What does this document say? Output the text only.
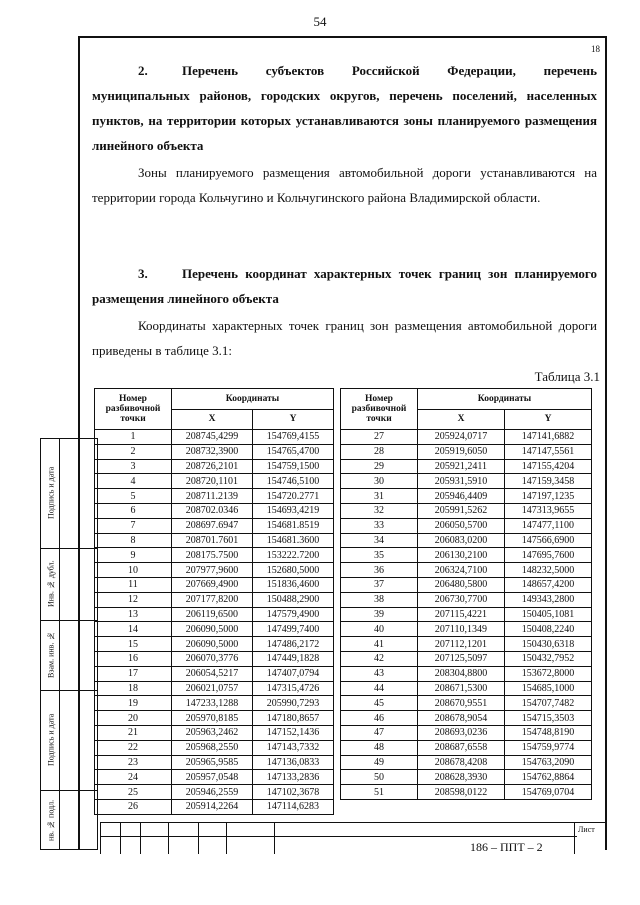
54
18
2.	Перечень субъектов Российской Федерации, перечень муниципальных районов, городских округов, перечень поселений, населенных пунктов, на территории которых устанавливаются зоны планируемого размещения линейного объекта
Зоны планируемого размещения автомобильной дороги устанавливаются на территории города Кольчугино и Кольчугинского района Владимирской области.
3.	Перечень координат характерных точек границ зон планируемого размещения линейного объекта
Координаты характерных точек границ зон размещения автомобильной дороги приведены в таблице 3.1:
Таблица 3.1
Номер разбивочной точки	Координаты	
	X	Y
1	208745,4299	154769,4155
2	208732,3900	154765,4700
3	208726,2101	154759,1500
4	208720,1101	154746,5100
5	208711.2139	154720.2771
6	208702.0346	154693,4219
7	208697.6947	154681.8519
8	208701.7601	154681.3600
9	208175.7500	153222.7200
10	207977,9600	152680,5000
11	207669,4900	151836,4600
12	207177,8200	150488,2900
13	206119,6500	147579,4900
14	206090,5000	147499,7400
15	206090,5000	147486,2172
16	206070,3776	147449,1828
17	206054,5217	147407,0794
18	206021,0757	147315,4726
19	147233,1288	205990,7293
20	205970,8185	147180,8657
21	205963,2462	147152,1436
22	205968,2550	147143,7332
23	205965,9585	147136,0833
24	205957,0548	147133,2836
25	205946,2559	147102,3678
26	205914,2264	147114,6283
Номер разбивочной точки	Координаты	
	X	Y
27	205924,0717	147141,6882
28	205919,6050	147147,5561
29	205921,2411	147155,4204
30	205931,5910	147159,3458
31	205946,4409	147197,1235
32	205991,5262	147313,9655
33	206050,5700	147477,1100
34	206083,0200	147566,6900
35	206130,2100	147695,7600
36	206324,7100	148232,5000
37	206480,5800	148657,4200
38	206730,7700	149343,2800
39	207115,4221	150405,1081
40	207110,1349	150408,2240
41	207112,1201	150430,6318
42	207125,5097	150432,7952
43	208304,8800	153672,8000
44	208671,5300	154685,1000
45	208670,9551	154707,7482
46	208678,9054	154715,3503
47	208693,0236	154748,8190
48	208687,6558	154759,9774
49	208678,4208	154763,2090
50	208628,3930	154762,8864
51	208598,0122	154769,0704
Подпись и дата
Инв. № дубл.
Взам. инв. №
Подпись и дата
нв. № подл.	Лист
186 – ППТ – 2
